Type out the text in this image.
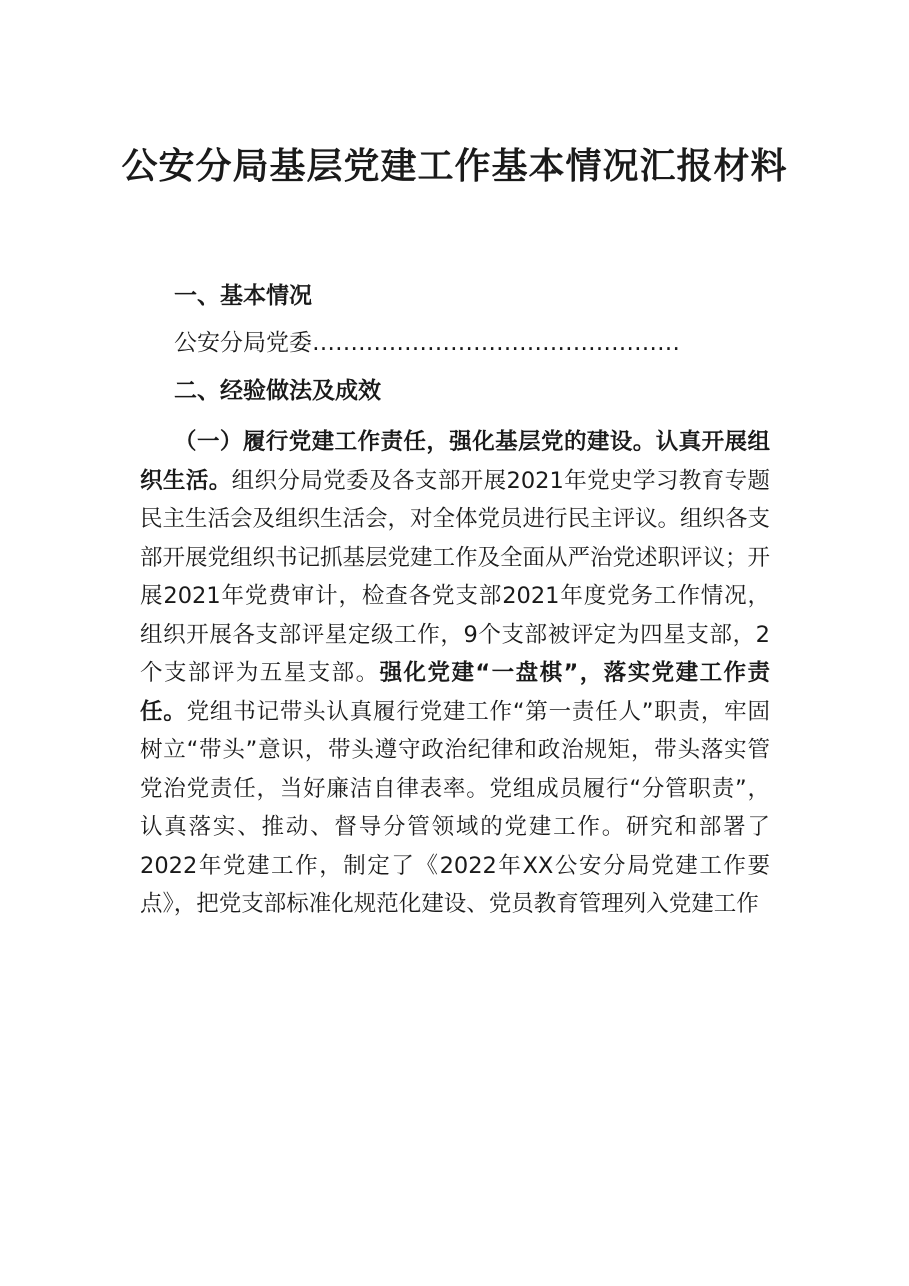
公安分局基层党建工作基本情况汇报材料
一、基本情况

公安分局党委…………………………………………

二、经验做法及成效

（一）履行党建工作责任，强化基层党的建设。认真开展组织生活。组织分局党委及各支部开展2021年党史学习教育专题民主生活会及组织生活会，对全体党员进行民主评议。组织各支部开展党组织书记抓基层党建工作及全面从严治党述职评议；开展2021年党费审计，检查各党支部2021年度党务工作情况，组织开展各支部评星定级工作，9个支部被评定为四星支部，2个支部评为五星支部。强化党建“一盘棋”，落实党建工作责任。党组书记带头认真履行党建工作“第一责任人”职责，牢固树立“带头”意识，带头遵守政治纪律和政治规矩，带头落实管党治党责任，当好廉洁自律表率。党组成员履行“分管职责”，认真落实、推动、督导分管领域的党建工作。研究和部署了2022年党建工作，制定了《2022年XX公安分局党建工作要点》，把党支部标准化规范化建设、党员教育管理列入党建工作
